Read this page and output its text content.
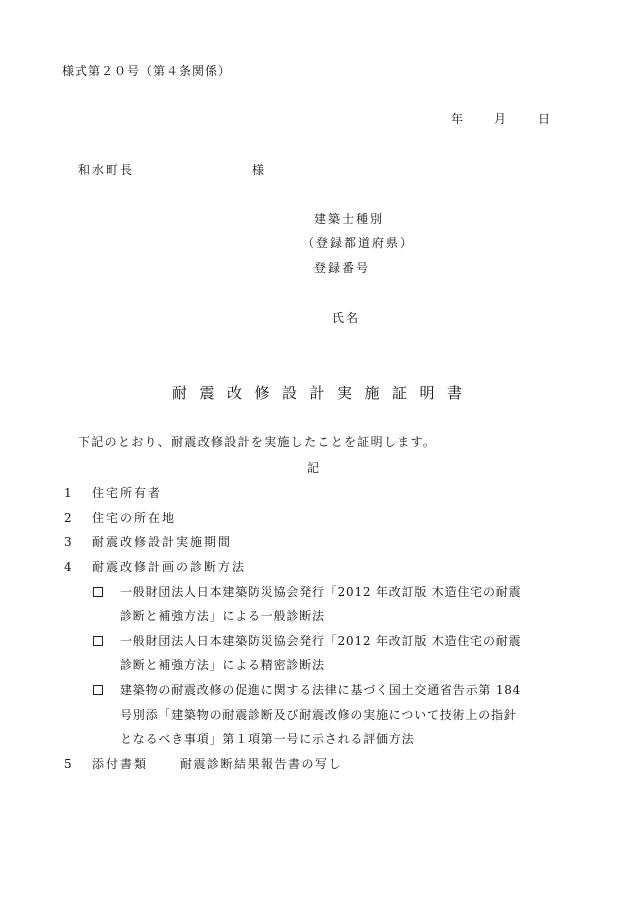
様式第２０号（第４条関係）
年	月	日
和水町長	様
建築士種別
（登録都道府県）
登録番号
氏名
耐震改修設計実施証明書
下記のとおり、耐震改修設計を実施したことを証明します。
記
1 住宅所有者
2 住宅の所在地
3 耐震改修設計実施期間
4 耐震改修計画の診断方法
一般財団法人日本建築防災協会発行「2012 年改訂版 木造住宅の耐震
診断と補強方法」による一般診断法
一般財団法人日本建築防災協会発行「2012 年改訂版 木造住宅の耐震
診断と補強方法」による精密診断法
建築物の耐震改修の促進に関する法律に基づく国土交通省告示第 184
号別添「建築物の耐震診断及び耐震改修の実施について技術上の指針
となるべき事項」第１項第一号に示される評価方法
5 添付書類	耐震診断結果報告書の写し
